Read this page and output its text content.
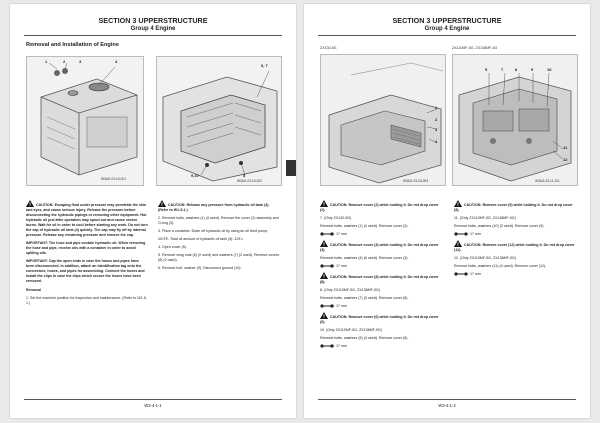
SECTION 3 UPPERSTRUCTURE
Group 4 Engine
Removal and Installation of Engine
1	2	3	4
W3AG-03-04-001
6, 7
9,10	8
W3AG-03-04-002
CAUTION: Escaping fluid under pressure may penetrate the skin and eyes, and cause serious injury. Release the pressure before disconnecting the hydraulic pipings or removing other equipment. Hot hydraulic oil just after operation may spout out and cause severe burns. Wait for oil in order to cool before starting any work. Do not turn the cap of hydraulic oil tank (4) quickly. The cap may fly off by internal pressure. Release any remaining pressure and remove the cap.
IMPORTANT: The hose and pipe contain hydraulic oil. When removing the hose and pipe, receive oils with a container in order to avoid spilling oils.
IMPORTANT: Cap the open ends in case the hoses and pipes have been disconnected. In addition, attach an identification tag onto the connectors, hoses, and pipes for assembling. Connect the hoses and install the clips in case the clips which secure the hoses have been removed.
Removal
1. Set the machine position for inspection and maintenance. (Refer to W1-5-1.)
CAUTION: Release any pressure from hydraulic oil tank (4). (Refer to W1-5-1.)
2. Remove bolts, washers (1) (4 used). Remove the cover (2) assembly and O-ring (3).
3. Place a container. Drain off hydraulic oil by using an oil feed pump.
NOTE: Total oil amount of hydraulic oil tank (4): 125 L
4. Open cover (5).
5. Remove wing nuts (6) (2 used) and washers (7) (2 used). Remove covers (8) (2 used).
6. Remove bolt, washer (9). Disconnect ground (10).
W3-4-1-1
SECTION 3 UPPERSTRUCTURE
Group 4 Engine
ZX130-5G	ZX110MF-5G, ZX138MF-5G
1
2
3
4
W3AG-03-04-003
5	7	8	9	10
11
12
W3AG-03-11-101
CAUTION: Remove cover (2) while holding it. Do not drop cover (2).
7. (Only ZX130-5G)
Remove bolts, washers (1) (4 used). Remove cover (2).
: 17 mm
CAUTION: Remove cover (3) while holding it. Do not drop cover (3).
Remove bolts, washers (4) (6 used). Remove cover (3).
: 17 mm
CAUTION: Remove cover (8) while holding it. Do not drop cover (8).
8. (Only ZX110MF-5G, ZX138MF-5G)
Remove bolts, washers (7) (5 used). Remove cover (8).
: 17 mm
CAUTION: Remove cover (6) while holding it. Do not drop cover (6).
10. (Only ZX110MF-5G, ZX138MF-5G)
Remove bolts, washers (5) (4 used). Remove cover (6).
: 17 mm
CAUTION: Remove cover (9) while holding it. Do not drop cover (9).
11. (Only ZX110MF-5G, ZX138MF-5G)
Remove bolts, washers (10) (2 used). Remove cover (9).
: 17 mm
CAUTION: Remove cover (12) while holding it. Do not drop cover (12).
12. (Only ZX110MF-5G, ZX138MF-5G)
Remove bolts, washers (11) (4 used). Remove cover (12).
: 17 mm
W3-4-1-2
